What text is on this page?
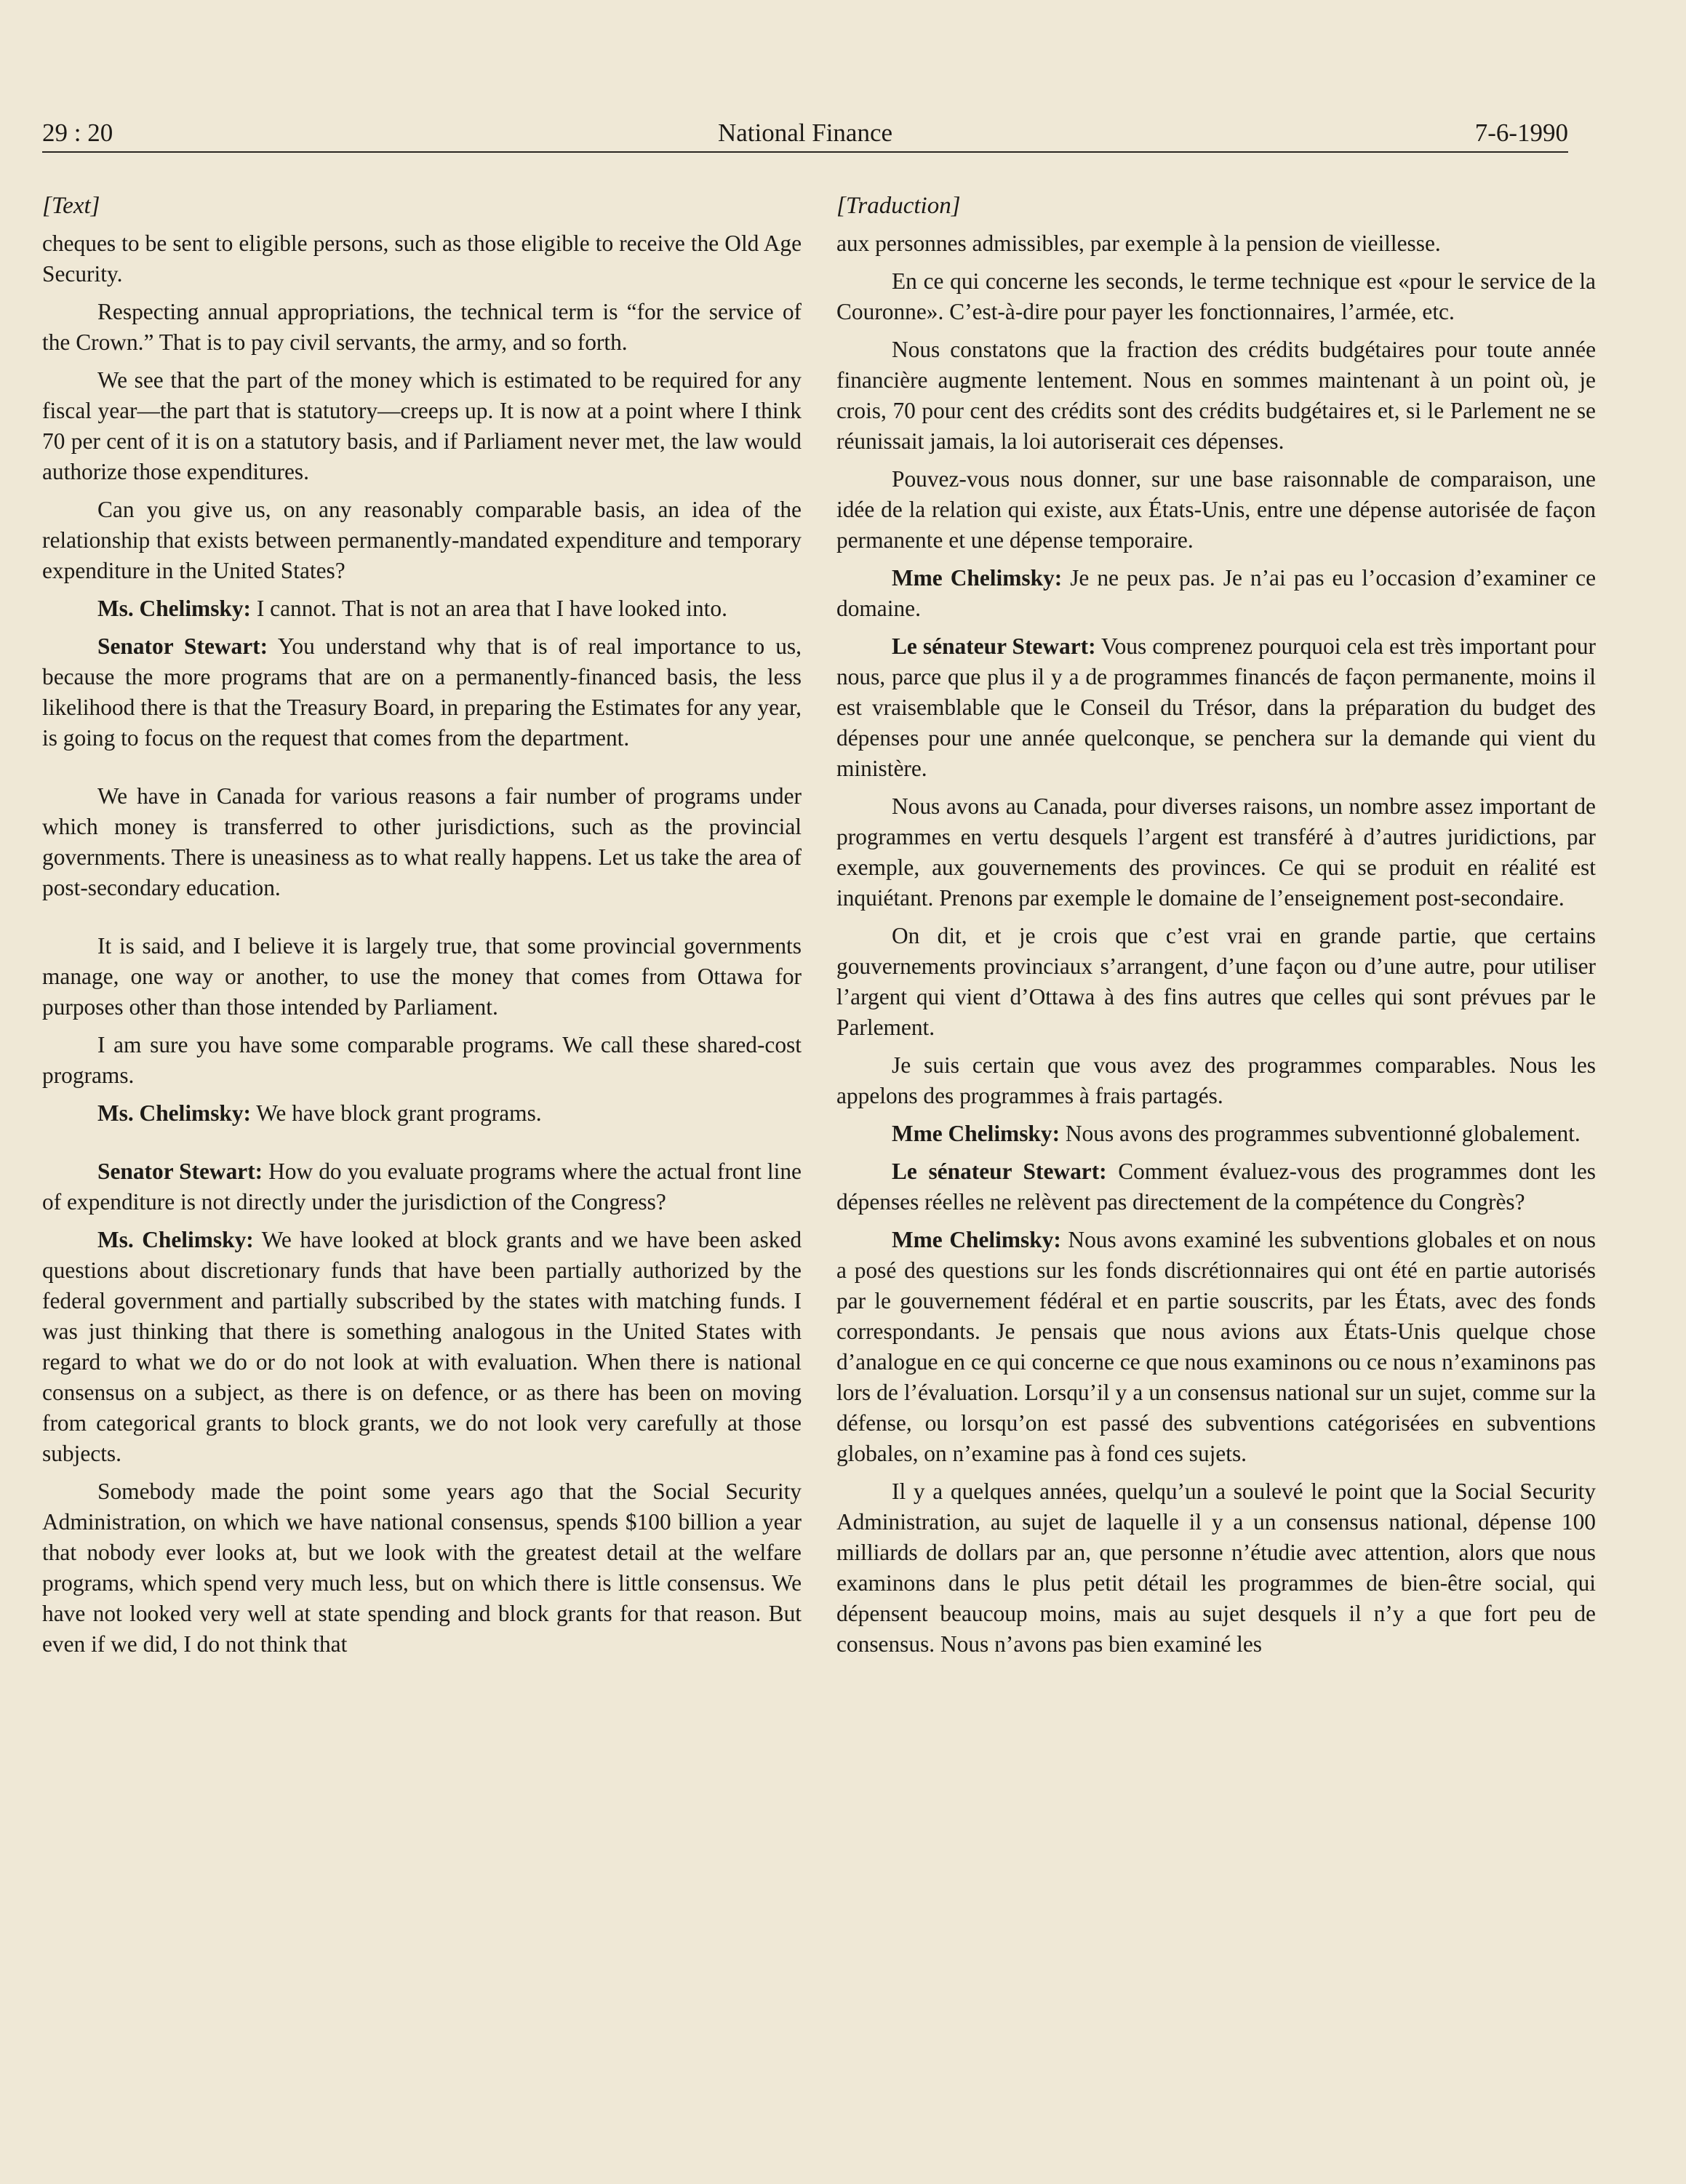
29 : 20	National Finance	7-6-1990

[Text]

cheques to be sent to eligible persons, such as those eligible to receive the Old Age Security.

Respecting annual appropriations, the technical term is “for the service of the Crown.” That is to pay civil servants, the army, and so forth.

We see that the part of the money which is estimated to be required for any fiscal year—the part that is statutory—creeps up. It is now at a point where I think 70 per cent of it is on a statutory basis, and if Parliament never met, the law would authorize those expenditures.

Can you give us, on any reasonably comparable basis, an idea of the relationship that exists between permanently-mandated expenditure and temporary expenditure in the United States?

Ms. Chelimsky: I cannot. That is not an area that I have looked into.

Senator Stewart: You understand why that is of real importance to us, because the more programs that are on a permanently-financed basis, the less likelihood there is that the Treasury Board, in preparing the Estimates for any year, is going to focus on the request that comes from the department.

We have in Canada for various reasons a fair number of programs under which money is transferred to other jurisdictions, such as the provincial governments. There is uneasiness as to what really happens. Let us take the area of post-secondary education.

It is said, and I believe it is largely true, that some provincial governments manage, one way or another, to use the money that comes from Ottawa for purposes other than those intended by Parliament.

I am sure you have some comparable programs. We call these shared-cost programs.

Ms. Chelimsky: We have block grant programs.

Senator Stewart: How do you evaluate programs where the actual front line of expenditure is not directly under the jurisdiction of the Congress?

Ms. Chelimsky: We have looked at block grants and we have been asked questions about discretionary funds that have been partially authorized by the federal government and partially subscribed by the states with matching funds. I was just thinking that there is something analogous in the United States with regard to what we do or do not look at with evaluation. When there is national consensus on a subject, as there is on defence, or as there has been on moving from categorical grants to block grants, we do not look very carefully at those subjects.

Somebody made the point some years ago that the Social Security Administration, on which we have national consensus, spends $100 billion a year that nobody ever looks at, but we look with the greatest detail at the welfare programs, which spend very much less, but on which there is little consensus. We have not looked very well at state spending and block grants for that reason. But even if we did, I do not think that

[Traduction]

aux personnes admissibles, par exemple à la pension de vieillesse.

En ce qui concerne les seconds, le terme technique est «pour le service de la Couronne». C’est-à-dire pour payer les fonctionnaires, l’armée, etc.

Nous constatons que la fraction des crédits budgétaires pour toute année financière augmente lentement. Nous en sommes maintenant à un point où, je crois, 70 pour cent des crédits sont des crédits budgétaires et, si le Parlement ne se réunissait jamais, la loi autoriserait ces dépenses.

Pouvez-vous nous donner, sur une base raisonnable de comparaison, une idée de la relation qui existe, aux États-Unis, entre une dépense autorisée de façon permanente et une dépense temporaire.

Mme Chelimsky: Je ne peux pas. Je n’ai pas eu l’occasion d’examiner ce domaine.

Le sénateur Stewart: Vous comprenez pourquoi cela est très important pour nous, parce que plus il y a de programmes financés de façon permanente, moins il est vraisemblable que le Conseil du Trésor, dans la préparation du budget des dépenses pour une année quelconque, se penchera sur la demande qui vient du ministère.

Nous avons au Canada, pour diverses raisons, un nombre assez important de programmes en vertu desquels l’argent est transféré à d’autres juridictions, par exemple, aux gouvernements des provinces. Ce qui se produit en réalité est inquiétant. Prenons par exemple le domaine de l’enseignement post-secondaire.

On dit, et je crois que c’est vrai en grande partie, que certains gouvernements provinciaux s’arrangent, d’une façon ou d’une autre, pour utiliser l’argent qui vient d’Ottawa à des fins autres que celles qui sont prévues par le Parlement.

Je suis certain que vous avez des programmes comparables. Nous les appelons des programmes à frais partagés.

Mme Chelimsky: Nous avons des programmes subventionné globalement.

Le sénateur Stewart: Comment évaluez-vous des programmes dont les dépenses réelles ne relèvent pas directement de la compétence du Congrès?

Mme Chelimsky: Nous avons examiné les subventions globales et on nous a posé des questions sur les fonds discrétionnaires qui ont été en partie autorisés par le gouvernement fédéral et en partie souscrits, par les États, avec des fonds correspondants. Je pensais que nous avions aux États-Unis quelque chose d’analogue en ce qui concerne ce que nous examinons ou ce nous n’examinons pas lors de l’évaluation. Lorsqu’il y a un consensus national sur un sujet, comme sur la défense, ou lorsqu’on est passé des subventions catégorisées en subventions globales, on n’examine pas à fond ces sujets.

Il y a quelques années, quelqu’un a soulevé le point que la Social Security Administration, au sujet de laquelle il y a un consensus national, dépense 100 milliards de dollars par an, que personne n’étudie avec attention, alors que nous examinons dans le plus petit détail les programmes de bien-être social, qui dépensent beaucoup moins, mais au sujet desquels il n’y a que fort peu de consensus. Nous n’avons pas bien examiné les
